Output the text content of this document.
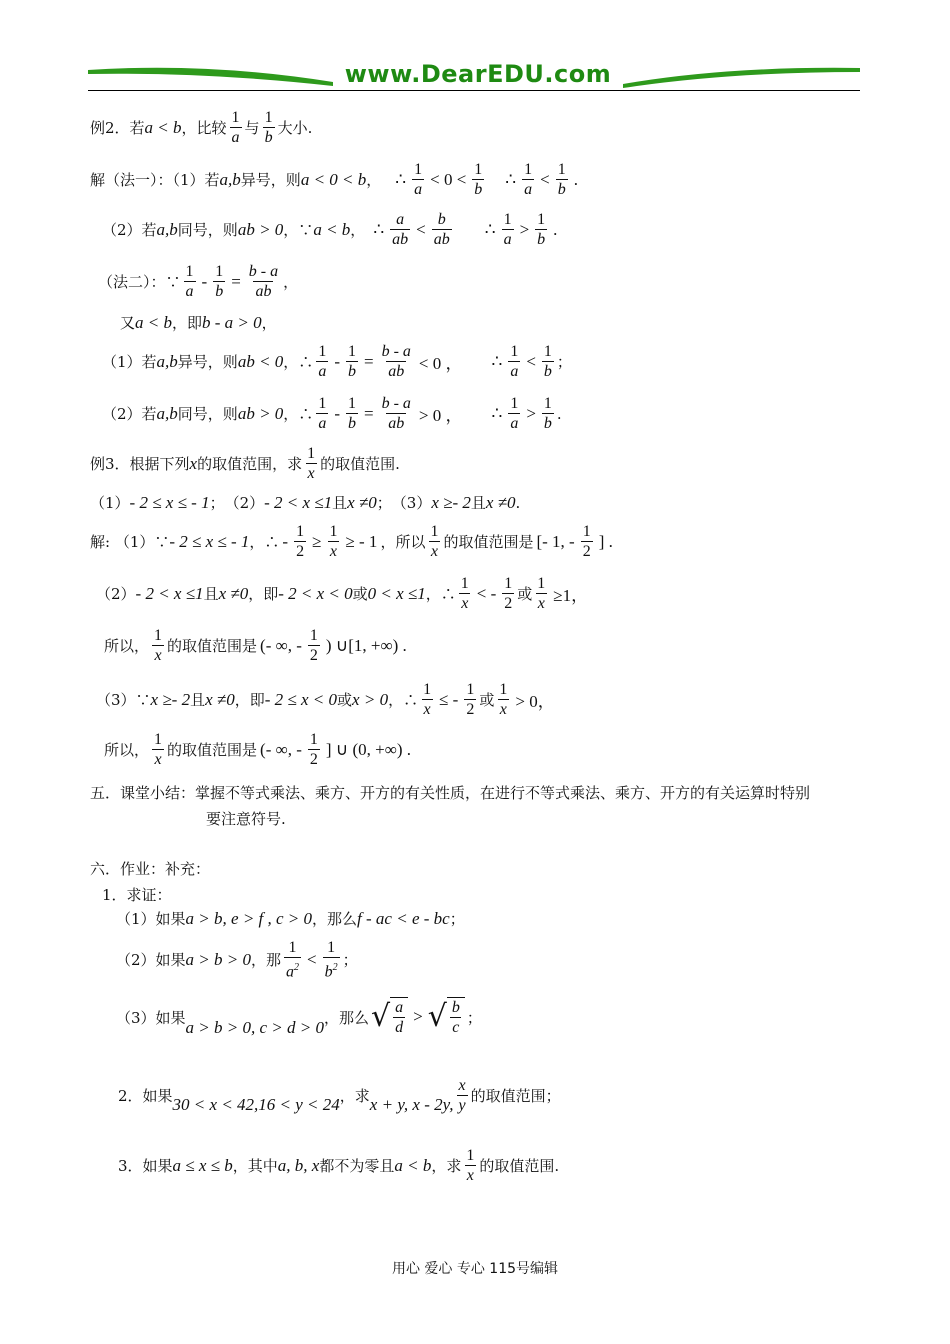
www.DearEDU.com
例2．若 a < b ，比较 $\frac{1}{a}$ 与 $\frac{1}{b}$ 大小.
解（法一）：（1）若 a,b 异号，则 a < 0 < b ， ∴ $\frac{1}{a} < 0 < \frac{1}{b}$ ∴ $\frac{1}{a} < \frac{1}{b}$ .
（2）若 a,b 同号，则 ab > 0 ，∵ a < b ， ∴ $\frac{a}{ab} < \frac{b}{ab}$ ∴ $\frac{1}{a} > \frac{1}{b}$ .
（法二）：∵ $\frac{1}{a} - \frac{1}{b} = \frac{b - a}{ab}$ ，
又 a < b ，即 b - a > 0 ，
（1）若 a,b 异号，则 ab < 0 ，∴ $\frac{1}{a} - \frac{1}{b} = \frac{b - a}{ab} < 0$ ， ∴ $\frac{1}{a} < \frac{1}{b}$ ；
（2）若 a,b 同号，则 ab > 0 ，∴ $\frac{1}{a} - \frac{1}{b} = \frac{b - a}{ab} > 0$ ， ∴ $\frac{1}{a} > \frac{1}{b}$ .
例3．根据下列 x 的取值范围，求 $\frac{1}{x}$ 的取值范围.
（1） - 2 ≤ x ≤ - 1 ；　（2） - 2 < x ≤1 且 x ≠0 ；　（3） x ≥- 2 且 x ≠0 .
解: （1）∵ - 2 ≤ x ≤ - 1 ，∴ - $\frac{1}{2} \ge \frac{1}{x}$ ≥ - 1 ，所以 $\frac{1}{x}$ 的取值范围是 [- 1, - $\frac{1}{2}$ ] .
（2） - 2 < x ≤1 且 x ≠0 ，即 - 2 < x < 0 或 0 < x ≤1 ，∴ $\frac{1}{x}$ < - $\frac{1}{2}$ 或 $\frac{1}{x} \ge 1$，
所以， $\frac{1}{x}$ 的取值范围是 (- ∞, - $\frac{1}{2}$ ) ∪[1, +∞) .
（3）∵ x ≥- 2 且 x ≠0 ，即 - 2 ≤ x < 0 或 x > 0 ，∴ $\frac{1}{x}$ ≤ - $\frac{1}{2}$ 或 $\frac{1}{x} > 0$，
所以， $\frac{1}{x}$ 的取值范围是 (- ∞, - $\frac{1}{2}$ ] ∪ (0, +∞) .
五．课堂小结：掌握不等式乘法、乘方、开方的有关性质，在进行不等式乘法、乘方、开方的有关运算时特别
要注意符号.
六．作业：补充：
1．求证：
（1）如果 a > b, e > f , c > 0 ，那么 f - ac < e - bc ；
（2）如果 a > b > 0 ，那 $\frac{1}{a^2} < \frac{1}{b^2}$ ；
（3）如果
a > b > 0, c > d > 0
，那么 √ $\frac{a}{d}$ > √ $\frac{b}{c}$ ；
2．如果 30 < x < 42,16 < y < 24 ，求 x + y, x - 2y, $\frac{x}{y}$ 的取值范围；
3．如果 a ≤ x ≤ b ，其中 a, b, x 都不为零且 a < b ，求 $\frac{1}{x}$ 的取值范围.
用心 爱心 专心 115号编辑
